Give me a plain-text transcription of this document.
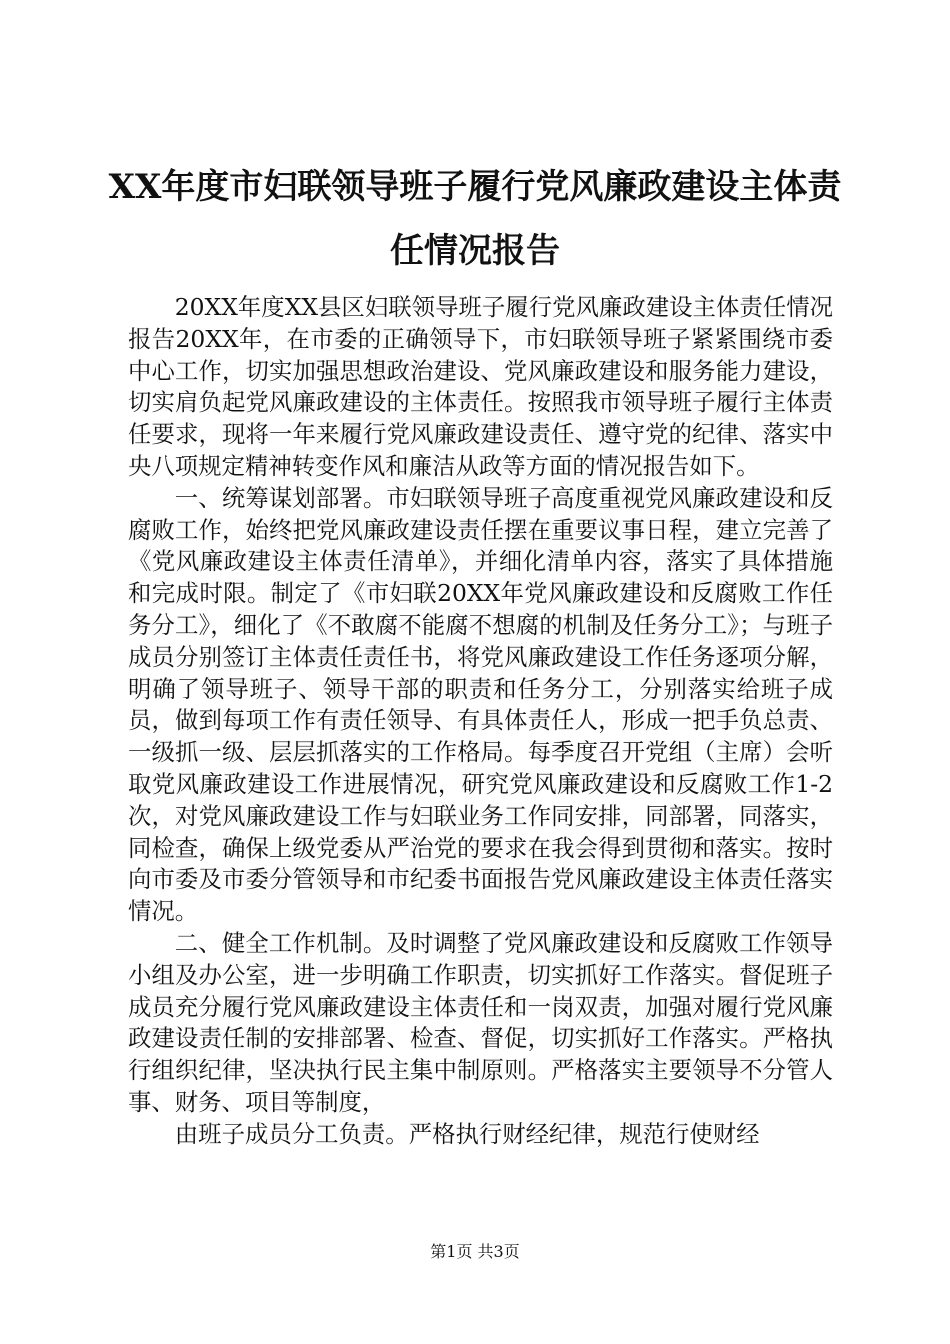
XX年度市妇联领导班子履行党风廉政建设主体责任情况报告

20XX年度XX县区妇联领导班子履行党风廉政建设主体责任情况报告20XX年，在市委的正确领导下，市妇联领导班子紧紧围绕市委中心工作，切实加强思想政治建设、党风廉政建设和服务能力建设，切实肩负起党风廉政建设的主体责任。按照我市领导班子履行主体责任要求，现将一年来履行党风廉政建设责任、遵守党的纪律、落实中央八项规定精神转变作风和廉洁从政等方面的情况报告如下。

一、统筹谋划部署。市妇联领导班子高度重视党风廉政建设和反腐败工作，始终把党风廉政建设责任摆在重要议事日程，建立完善了《党风廉政建设主体责任清单》，并细化清单内容，落实了具体措施和完成时限。制定了《市妇联20XX年党风廉政建设和反腐败工作任务分工》，细化了《不敢腐不能腐不想腐的机制及任务分工》；与班子成员分别签订主体责任责任书，将党风廉政建设工作任务逐项分解，明确了领导班子、领导干部的职责和任务分工，分别落实给班子成员，做到每项工作有责任领导、有具体责任人，形成一把手负总责、一级抓一级、层层抓落实的工作格局。每季度召开党组（主席）会听取党风廉政建设工作进展情况，研究党风廉政建设和反腐败工作1-2次，对党风廉政建设工作与妇联业务工作同安排，同部署，同落实，同检查，确保上级党委从严治党的要求在我会得到贯彻和落实。按时向市委及市委分管领导和市纪委书面报告党风廉政建设主体责任落实情况。

二、健全工作机制。及时调整了党风廉政建设和反腐败工作领导小组及办公室，进一步明确工作职责，切实抓好工作落实。督促班子成员充分履行党风廉政建设主体责任和一岗双责，加强对履行党风廉政建设责任制的安排部署、检查、督促，切实抓好工作落实。严格执行组织纪律，坚决执行民主集中制原则。严格落实主要领导不分管人事、财务、项目等制度，

由班子成员分工负责。严格执行财经纪律，规范行使财经

第1页 共3页
